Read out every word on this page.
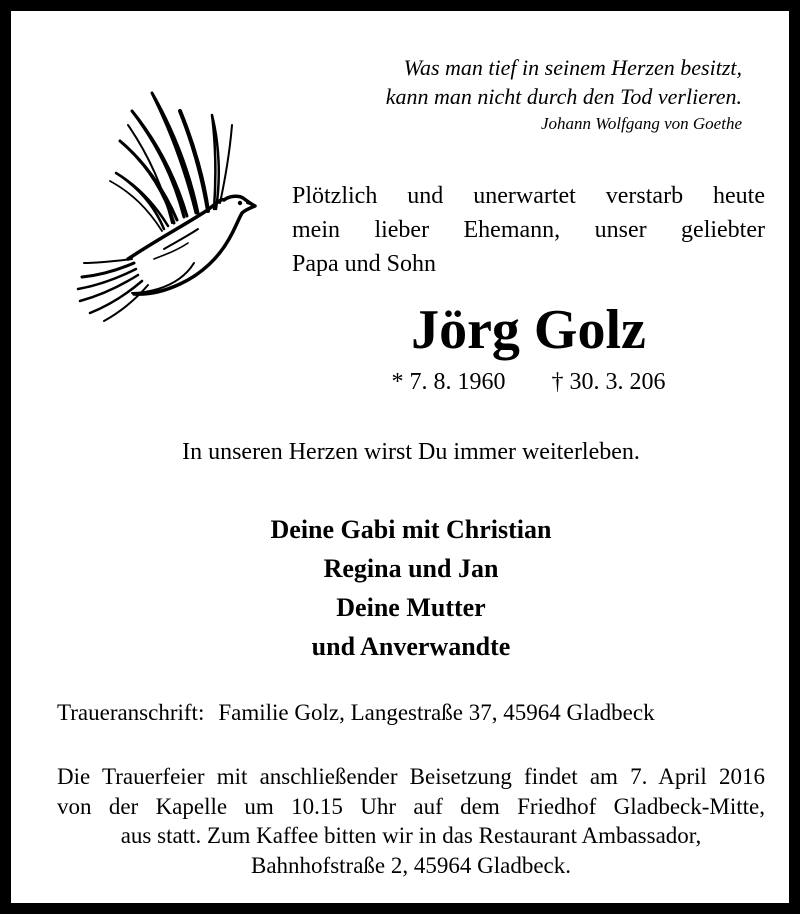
Was man tief in seinem Herzen besitzt,
kann man nicht durch den Tod verlieren.
Johann Wolfgang von Goethe
Plötzlich und unerwartet verstarb heute
mein lieber Ehemann, unser geliebter
Papa und Sohn
Jörg Golz
* 7. 8. 1960 † 30. 3. 206
In unseren Herzen wirst Du immer weiterleben.
Deine Gabi mit Christian
Regina und Jan
Deine Mutter
und Anverwandte
Traueranschrift: Familie Golz, Langestraße 37, 45964 Gladbeck
Die Trauerfeier mit anschließender Beisetzung findet am 7. April 2016
von der Kapelle um 10.15 Uhr auf dem Friedhof Gladbeck-Mitte,
aus statt. Zum Kaffee bitten wir in das Restaurant Ambassador,
Bahnhofstraße 2, 45964 Gladbeck.
